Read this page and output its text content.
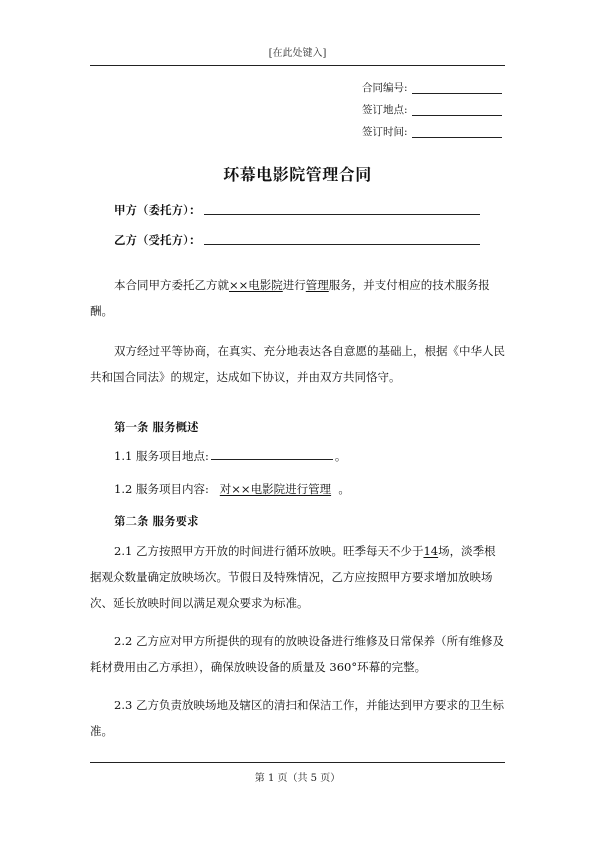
[在此处键入]
合同编号:
签订地点:
签订时间:
环幕电影院管理合同
甲方（委托方）：
乙方（受托方）：
本合同甲方委托乙方就××电影院进行管理服务，并支付相应的技术服务报酬。
双方经过平等协商，在真实、充分地表达各自意愿的基础上，根据《中华人民共和国合同法》的规定，达成如下协议，并由双方共同恪守。
第一条 服务概述
1.1 服务项目地点:	。
1.2 服务项目内容: 对××电影院进行管理 。
第二条 服务要求
2.1 乙方按照甲方开放的时间进行循环放映。旺季每天不少于14场，淡季根据观众数量确定放映场次。节假日及特殊情况，乙方应按照甲方要求增加放映场次、延长放映时间以满足观众要求为标准。
2.2 乙方应对甲方所提供的现有的放映设备进行维修及日常保养（所有维修及耗材费用由乙方承担），确保放映设备的质量及 360°环幕的完整。
2.3 乙方负责放映场地及辖区的清扫和保洁工作，并能达到甲方要求的卫生标准。
第 1 页（共 5 页）
